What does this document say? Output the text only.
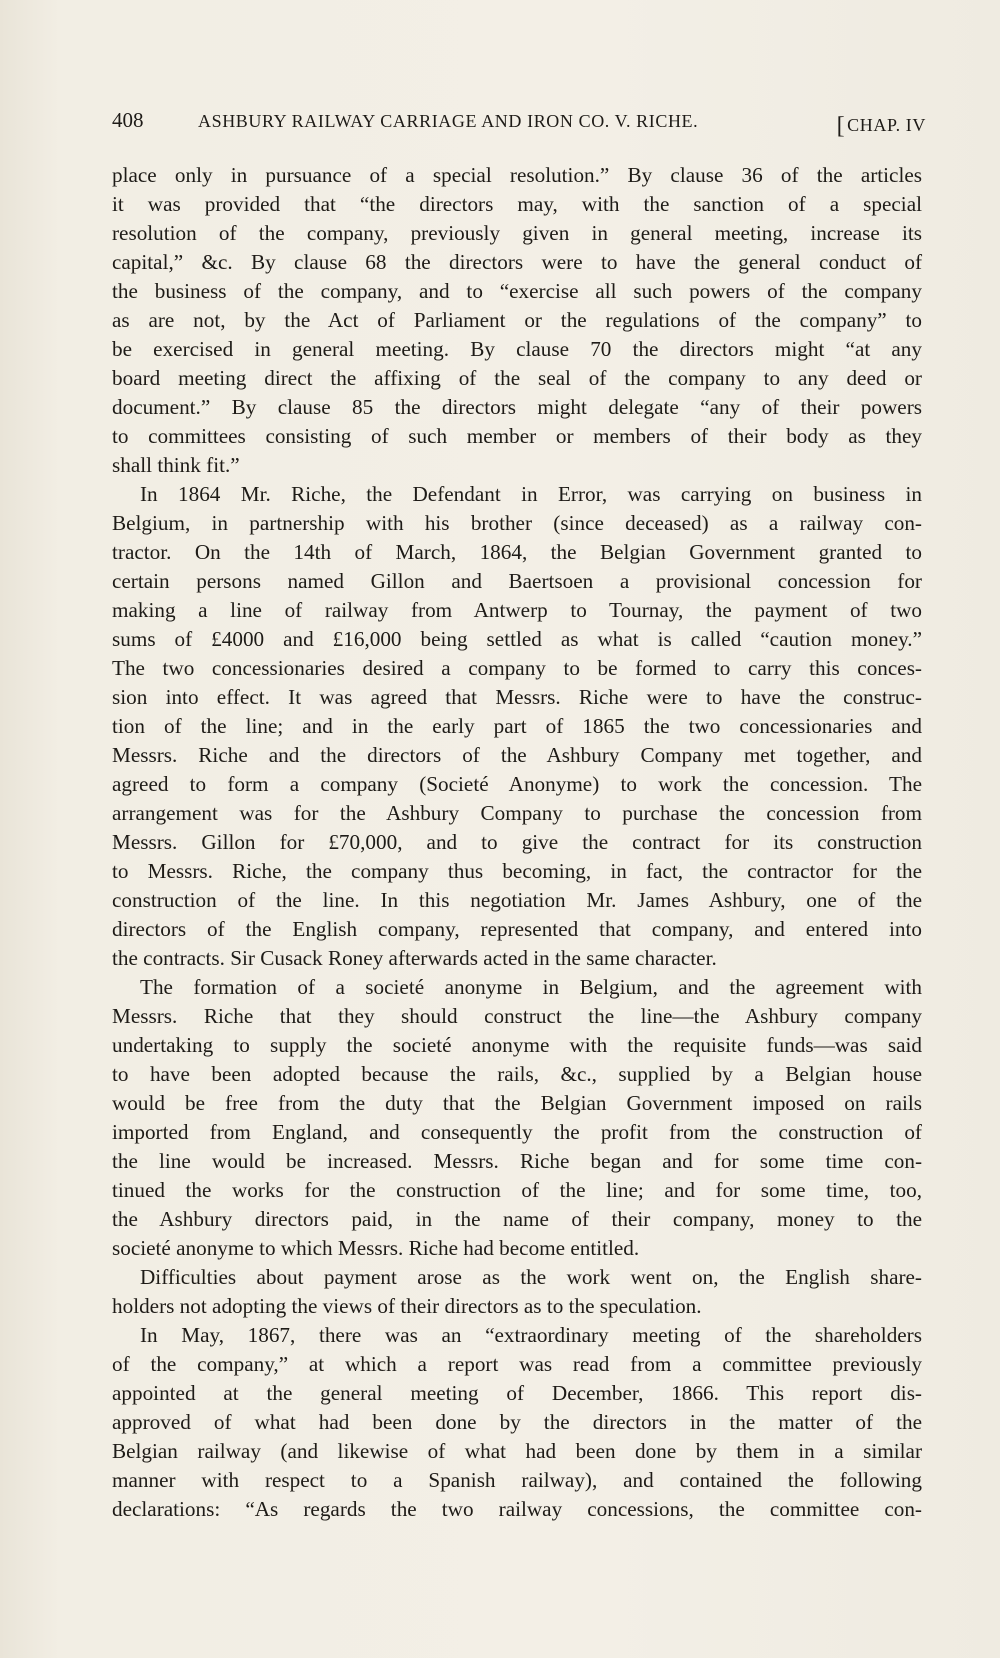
408	ASHBURY RAILWAY CARRIAGE AND IRON CO. V. RICHE.
[	CHAP. IV
place only in pursuance of a special resolution.” By clause 36 of the articles
it was provided that “the directors may, with the sanction of a special
resolution of the company, previously given in general meeting, increase its
capital,” &c. By clause 68 the directors were to have the general conduct of
the business of the company, and to “exercise all such powers of the company
as are not, by the Act of Parliament or the regulations of the company” to
be exercised in general meeting. By clause 70 the directors might “at any
board meeting direct the affixing of the seal of the company to any deed or
document.” By clause 85 the directors might delegate “any of their powers
to committees consisting of such member or members of their body as they
shall think fit.”
In 1864 Mr. Riche, the Defendant in Error, was carrying on business in
Belgium, in partnership with his brother (since deceased) as a railway con-
tractor. On the 14th of March, 1864, the Belgian Government granted to
certain persons named Gillon and Baertsoen a provisional concession for
making a line of railway from Antwerp to Tournay, the payment of two
sums of £4000 and £16,000 being settled as what is called “caution money.”
The two concessionaries desired a company to be formed to carry this conces-
sion into effect. It was agreed that Messrs. Riche were to have the construc-
tion of the line; and in the early part of 1865 the two concessionaries and
Messrs. Riche and the directors of the Ashbury Company met together, and
agreed to form a company (Societé Anonyme) to work the concession. The
arrangement was for the Ashbury Company to purchase the concession from
Messrs. Gillon for £70,000, and to give the contract for its construction
to Messrs. Riche, the company thus becoming, in fact, the contractor for the
construction of the line. In this negotiation Mr. James Ashbury, one of the
directors of the English company, represented that company, and entered into
the contracts. Sir Cusack Roney afterwards acted in the same character.
The formation of a societé anonyme in Belgium, and the agreement with
Messrs. Riche that they should construct the line—the Ashbury company
undertaking to supply the societé anonyme with the requisite funds—was said
to have been adopted because the rails, &c., supplied by a Belgian house
would be free from the duty that the Belgian Government imposed on rails
imported from England, and consequently the profit from the construction of
the line would be increased. Messrs. Riche began and for some time con-
tinued the works for the construction of the line; and for some time, too,
the Ashbury directors paid, in the name of their company, money to the
societé anonyme to which Messrs. Riche had become entitled.
Difficulties about payment arose as the work went on, the English share-
holders not adopting the views of their directors as to the speculation.
In May, 1867, there was an “extraordinary meeting of the shareholders
of the company,” at which a report was read from a committee previously
appointed at the general meeting of December, 1866. This report dis-
approved of what had been done by the directors in the matter of the
Belgian railway (and likewise of what had been done by them in a similar
manner with respect to a Spanish railway), and contained the following
declarations: “As regards the two railway concessions, the committee con-
